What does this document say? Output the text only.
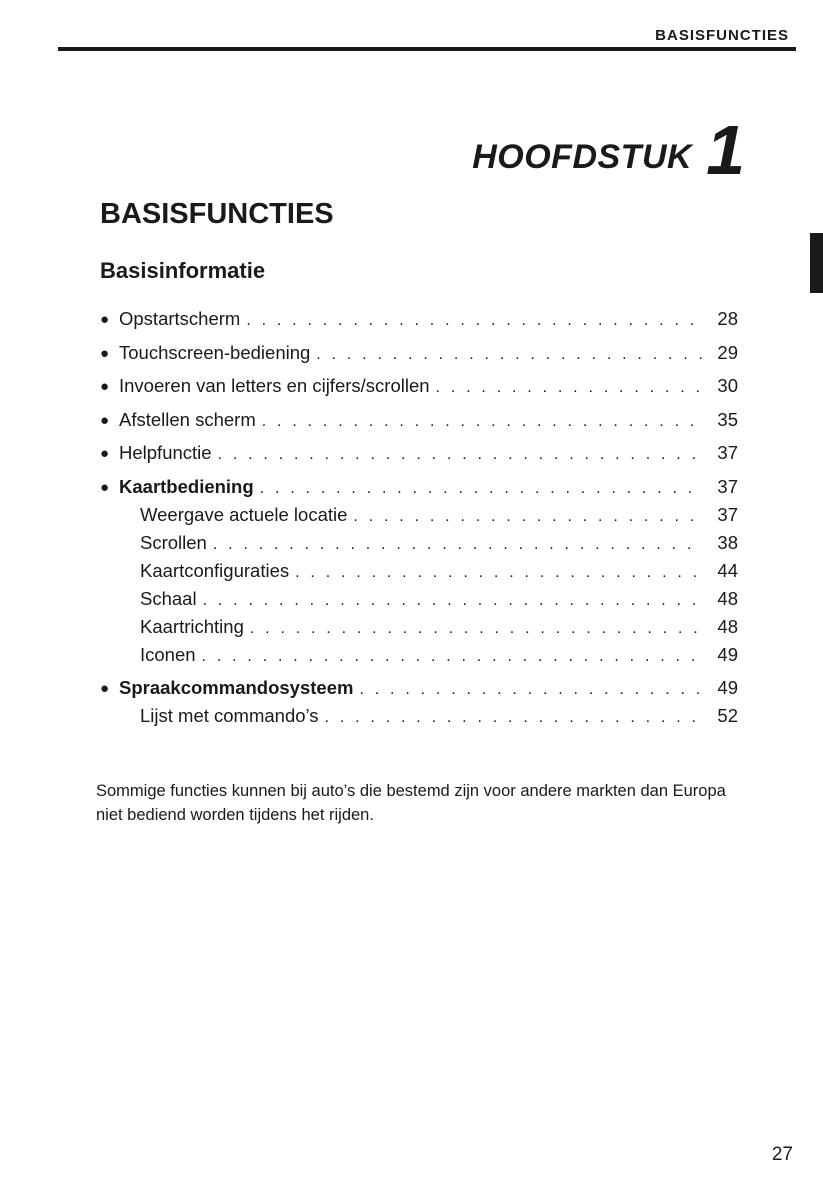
BASISFUNCTIES
HOOFDSTUK 1
BASISFUNCTIES
Basisinformatie
● Opstartscherm . . .	28
● Touchscreen-bediening . . .	29
● Invoeren van letters en cijfers/scrollen . . .	30
● Afstellen scherm . . .	35
● Helpfunctie . . .	37
● Kaartbediening . . .	37
Weergave actuele locatie . . .	37
Scrollen . . .	38
Kaartconfiguraties . . .	44
Schaal . . .	48
Kaartrichting . . .	48
Iconen . . .	49
● Spraakcommandosysteem . . .	49
Lijst met commando’s . . .	52
Sommige functies kunnen bij auto’s die bestemd zijn voor andere markten dan Europa niet bediend worden tijdens het rijden.
27
